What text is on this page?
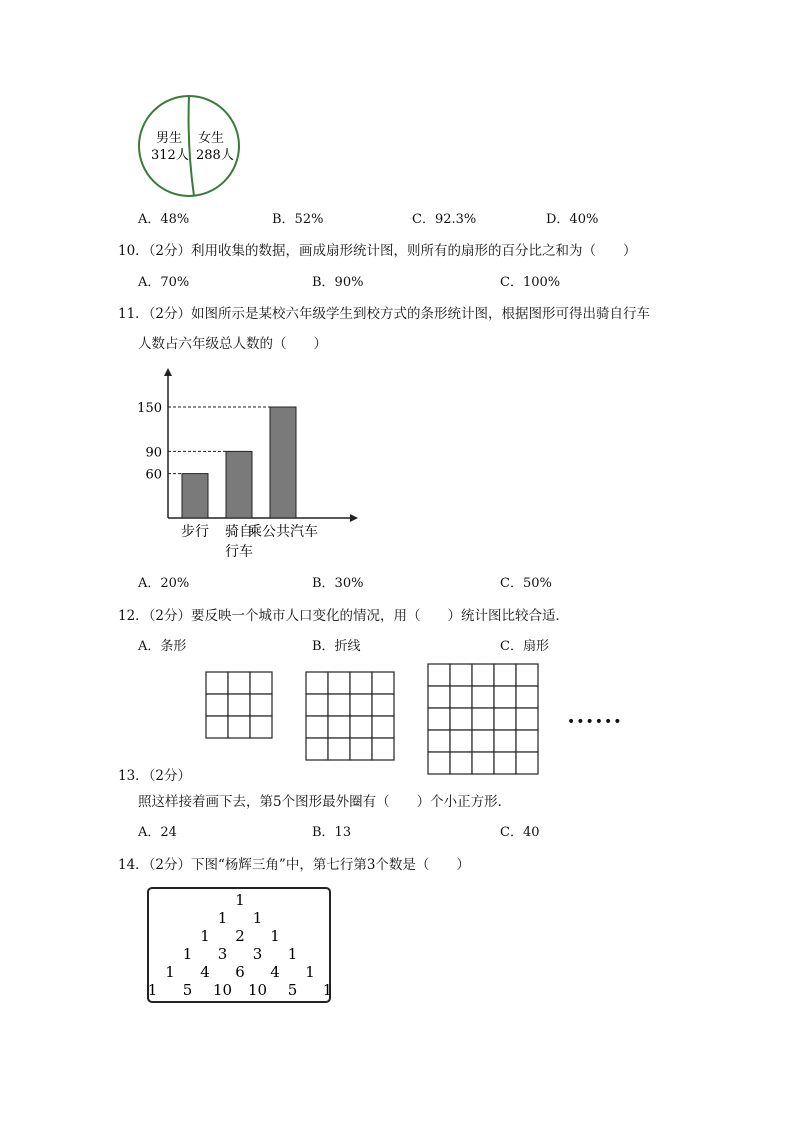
男生
312人
女生
288人
A．48%	B．52%	C．92.3%	D．40%
10．（2分）利用收集的数据，画成扇形统计图，则所有的扇形的百分比之和为（　　）
A．70%	B．90%	C．100%
11．（2分）如图所示是某校六年级学生到校方式的条形统计图，根据图形可得出骑自行车
人数占六年级总人数的（　　）
60
90
150
步行 骑自
行车
乘公共汽车
A．20%	B．30%	C．50%
12．（2分）要反映一个城市人口变化的情况，用（　　）统计图比较合适．
A．条形	B．折线	C．扇形
••••••
13．（2分）
照这样接着画下去，第5个图形最外圈有（　　）个小正方形．
A．24	B．13	C．40
14．（2分）下图“杨辉三角”中，第七行第3个数是（　　）
1
1 1
1 2 1
1 3 3 1
1 4 6 4 1
1 5 10 10 5 1
